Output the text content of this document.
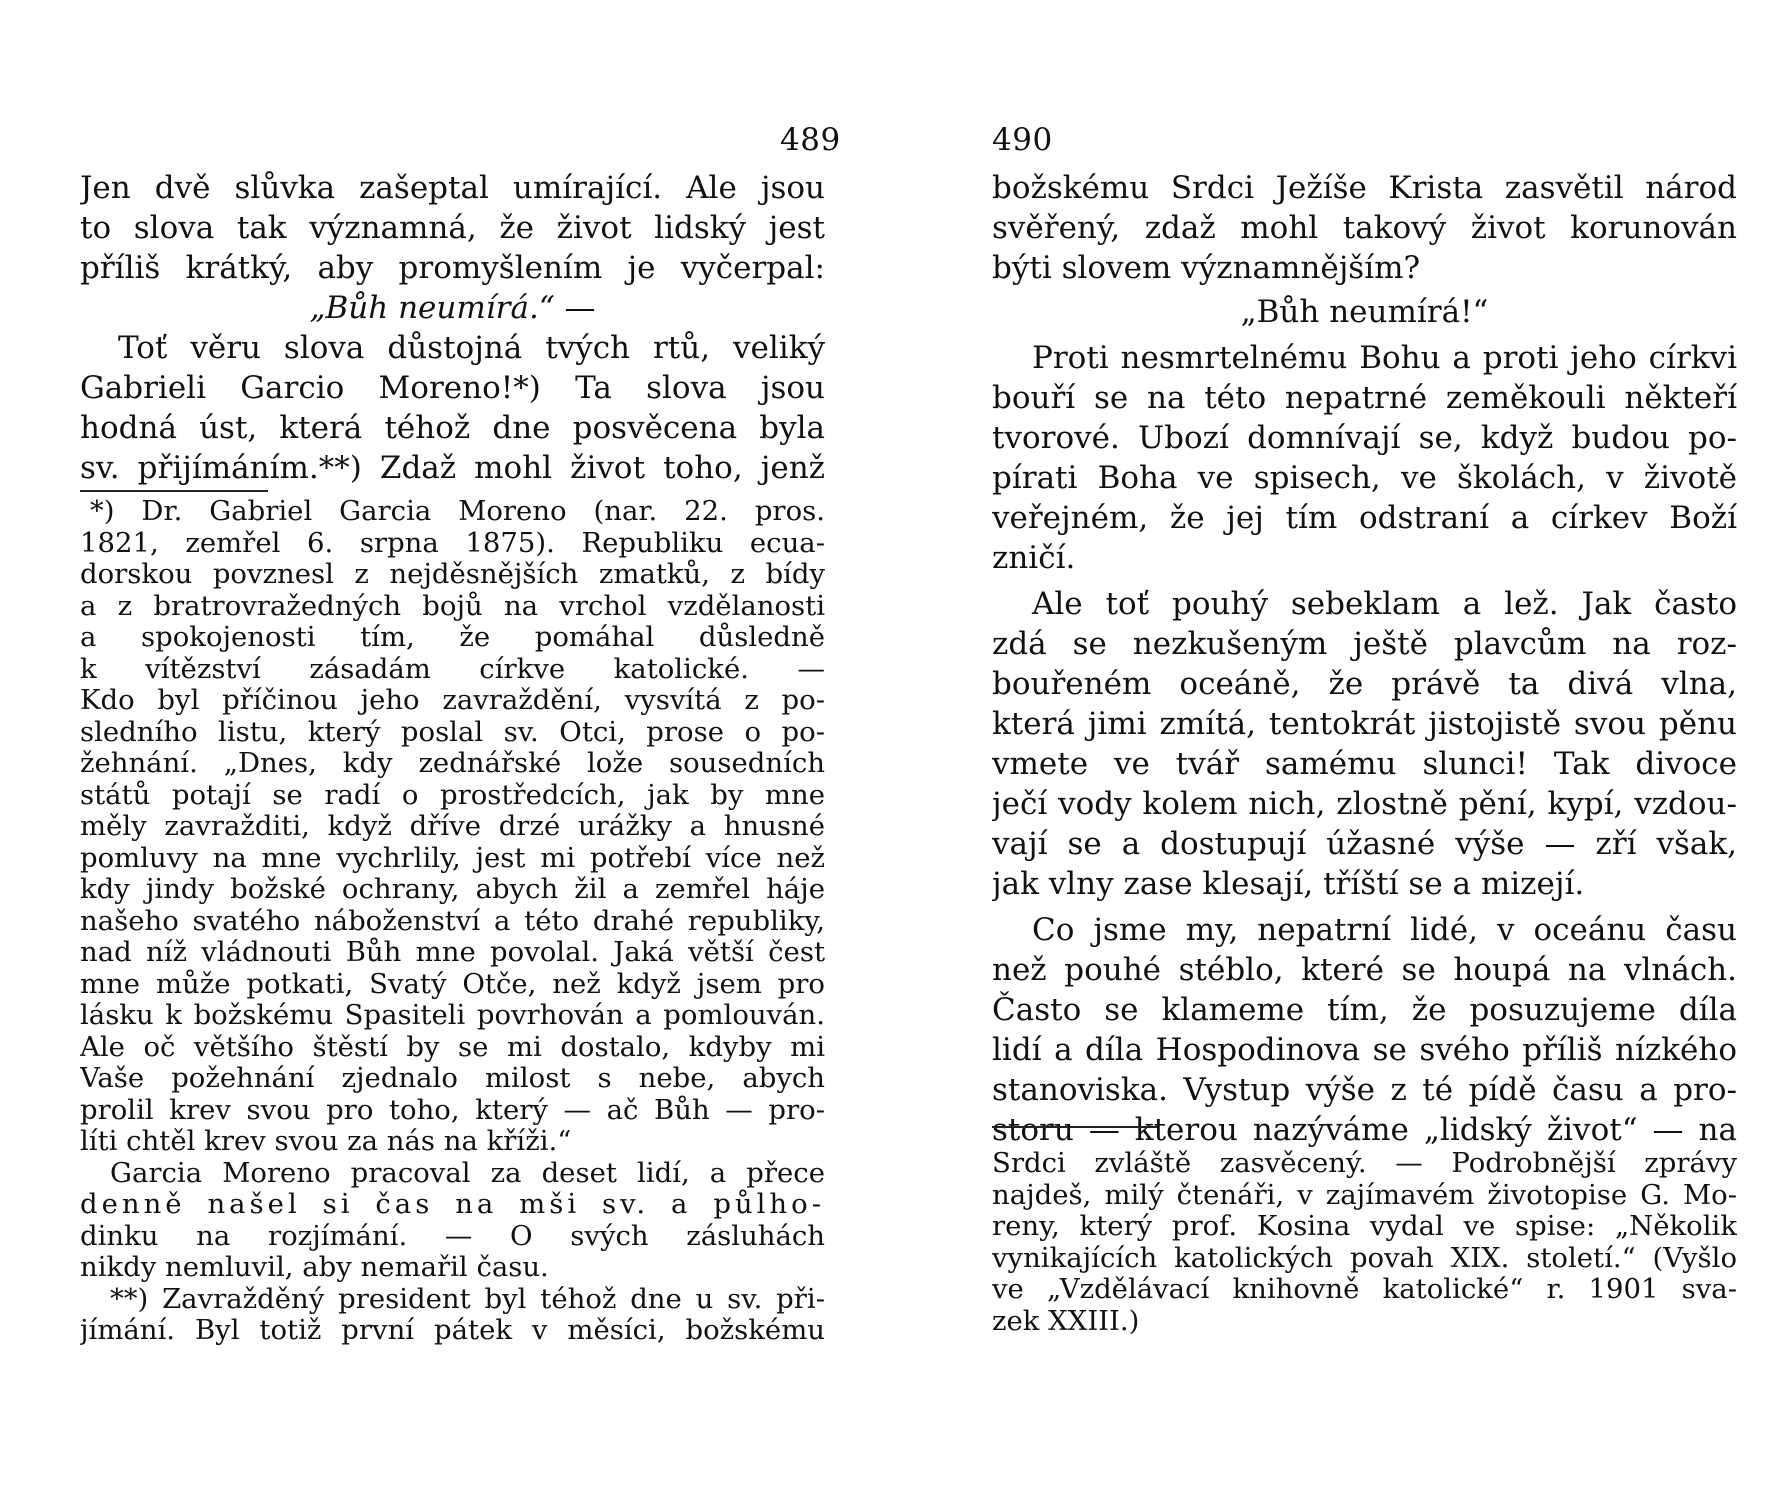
489
Jen dvě slůvka zašeptal umírající. Ale jsou
to slova tak významná, že život lidský jest
příliš krátký, aby promyšlením je vyčerpal:
„Bůh neumírá.“ —
Toť věru slova důstojná tvých rtů, veliký
Gabrieli Garcio Moreno!*) Ta slova jsou
hodná úst, která téhož dne posvěcena byla
sv. přijímáním.**) Zdaž mohl život toho, jenž
*) Dr. Gabriel Garcia Moreno (nar. 22. pros.
1821, zemřel 6. srpna 1875). Republiku ecua-
dorskou povznesl z nejděsnějších zmatků, z bídy
a z bratrovražedných bojů na vrchol vzdělanosti
a spokojenosti tím, že pomáhal důsledně
k vítězství zásadám církve katolické. —
Kdo byl příčinou jeho zavraždění, vysvítá z po-
sledního listu, který poslal sv. Otci, prose o po-
žehnání. „Dnes, kdy zednářské lože sousedních
států potají se radí o prostředcích, jak by mne
měly zavražditi, když dříve drzé urážky a hnusné
pomluvy na mne vychrlily, jest mi potřebí více než
kdy jindy božské ochrany, abych žil a zemřel háje
našeho svatého náboženství a této drahé republiky,
nad níž vládnouti Bůh mne povolal. Jaká větší čest
mne může potkati, Svatý Otče, než když jsem pro
lásku k božskému Spasiteli povrhován a pomlouván.
Ale oč většího štěstí by se mi dostalo, kdyby mi
Vaše požehnání zjednalo milost s nebe, abych
prolil krev svou pro toho, který — ač Bůh — pro-
líti chtěl krev svou za nás na kříži.“
Garcia Moreno pracoval za deset lidí, a přece
denně našel si čas na mši sv. a půlho-
dinku na rozjímání. — O svých zásluhách
nikdy nemluvil, aby nemařil času.
**) Zavražděný president byl téhož dne u sv. při-
jímání. Byl totiž první pátek v měsíci, božskému
490
božskému Srdci Ježíše Krista zasvětil národ
svěřený, zdaž mohl takový život korunován
býti slovem významnějším?
„Bůh neumírá!“
Proti nesmrtelnému Bohu a proti jeho církvi
bouří se na této nepatrné zeměkouli někteří
tvorové. Ubozí domnívají se, když budou po-
pírati Boha ve spisech, ve školách, v životě
veřejném, že jej tím odstraní a církev Boží
zničí.
Ale toť pouhý sebeklam a lež. Jak často
zdá se nezkušeným ještě plavcům na roz-
bouřeném oceáně, že právě ta divá vlna,
která jimi zmítá, tentokrát jistojistě svou pěnu
vmete ve tvář samému slunci! Tak divoce
ječí vody kolem nich, zlostně pění, kypí, vzdou-
vají se a dostupují úžasné výše — zří však,
jak vlny zase klesají, tříští se a mizejí.
Co jsme my, nepatrní lidé, v oceánu času
než pouhé stéblo, které se houpá na vlnách.
Často se klameme tím, že posuzujeme díla
lidí a díla Hospodinova se svého příliš nízkého
stanoviska. Vystup výše z té pídě času a pro-
storu — kterou nazýváme „lidský život“ — na
Srdci zvláště zasvěcený. — Podrobnější zprávy
najdeš, milý čtenáři, v zajímavém životopise G. Mo-
reny, který prof. Kosina vydal ve spise: „Několik
vynikajících katolických povah XIX. století.“ (Vyšlo
ve „Vzdělávací knihovně katolické“ r. 1901 sva-
zek XXIII.)
